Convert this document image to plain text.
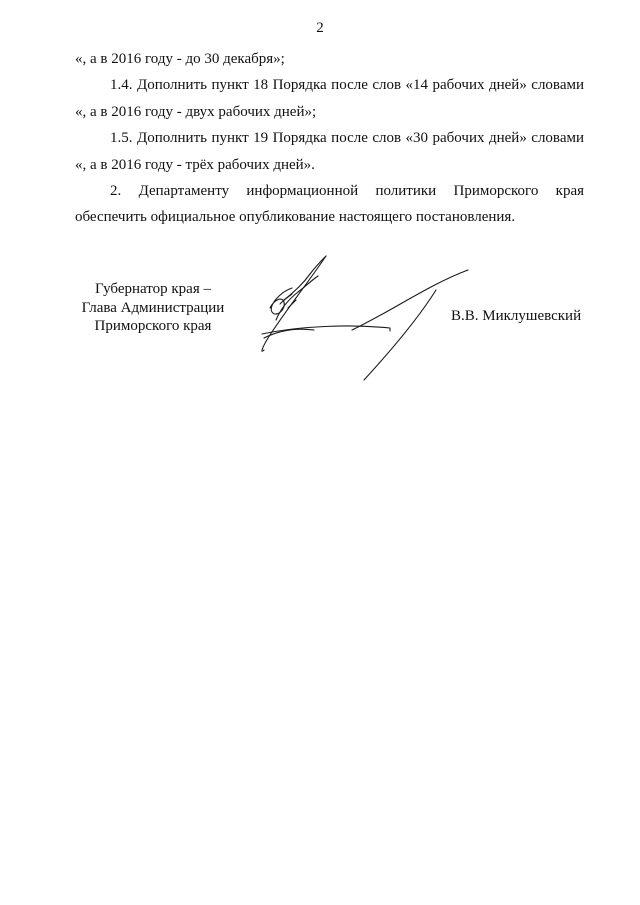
2

«, а в 2016 году - до 30 декабря»;

1.4. Дополнить пункт 18 Порядка после слов «14 рабочих дней» словами «, а в 2016 году - двух рабочих дней»;

1.5. Дополнить пункт 19 Порядка после слов «30 рабочих дней» словами «, а в 2016 году - трёх рабочих дней».

2. Департаменту информационной политики Приморского края обеспечить официальное опубликование настоящего постановления.

Губернатор края –
Глава Администрации
Приморского края
В.В. Миклушевский
